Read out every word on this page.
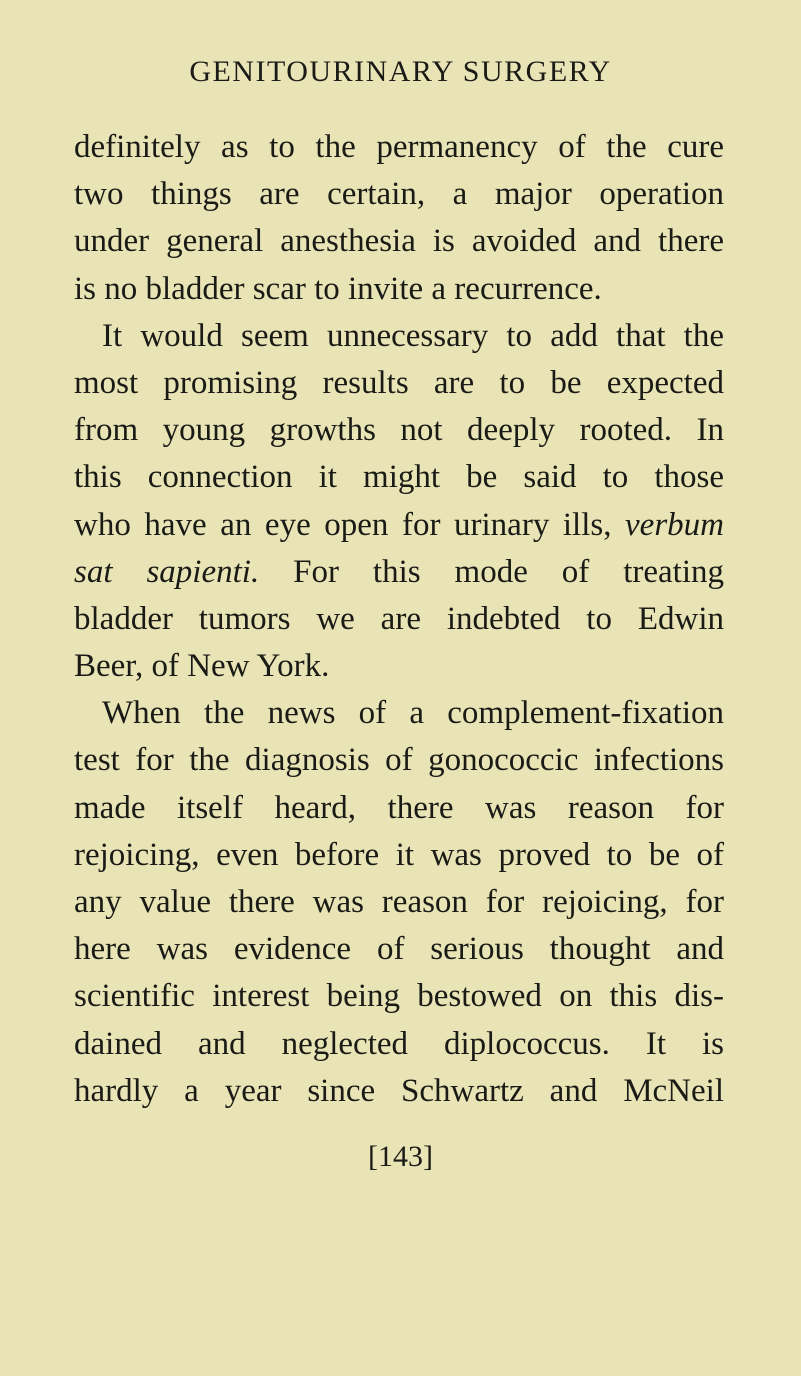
GENITOURINARY SURGERY
definitely as to the permanency of the cure
two things are certain, a major operation
under general anesthesia is avoided and there
is no bladder scar to invite a recurrence.
It would seem unnecessary to add that the
most promising results are to be expected
from young growths not deeply rooted. In
this connection it might be said to those
who have an eye open for urinary ills, verbum
sat sapienti. For this mode of treating
bladder tumors we are indebted to Edwin
Beer, of New York.
When the news of a complement-fixation
test for the diagnosis of gonococcic infections
made itself heard, there was reason for
rejoicing, even before it was proved to be of
any value there was reason for rejoicing, for
here was evidence of serious thought and
scientific interest being bestowed on this dis-
dained and neglected diplococcus. It is
hardly a year since Schwartz and McNeil
[143]
